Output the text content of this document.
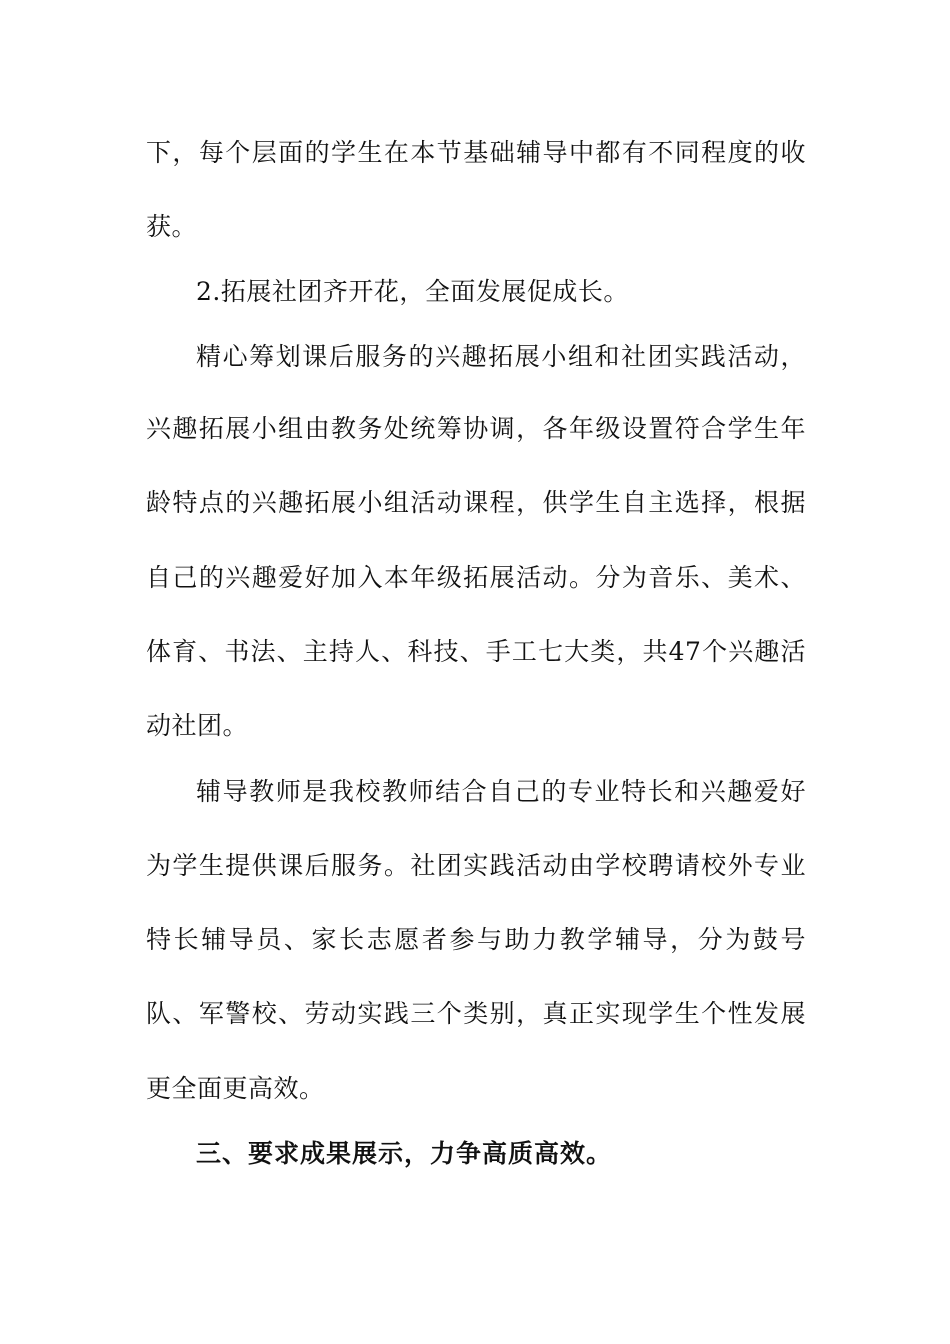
下，每个层面的学生在本节基础辅导中都有不同程度的收
获。
2.拓展社团齐开花，全面发展促成长。
精心筹划课后服务的兴趣拓展小组和社团实践活动，
兴趣拓展小组由教务处统筹协调，各年级设置符合学生年
龄特点的兴趣拓展小组活动课程，供学生自主选择，根据
自己的兴趣爱好加入本年级拓展活动。分为音乐、美术、
体育、书法、主持人、科技、手工七大类，共47个兴趣活
动社团。
辅导教师是我校教师结合自己的专业特长和兴趣爱好
为学生提供课后服务。社团实践活动由学校聘请校外专业
特长辅导员、家长志愿者参与助力教学辅导，分为鼓号
队、军警校、劳动实践三个类别，真正实现学生个性发展
更全面更高效。
三、要求成果展示，力争高质高效。
